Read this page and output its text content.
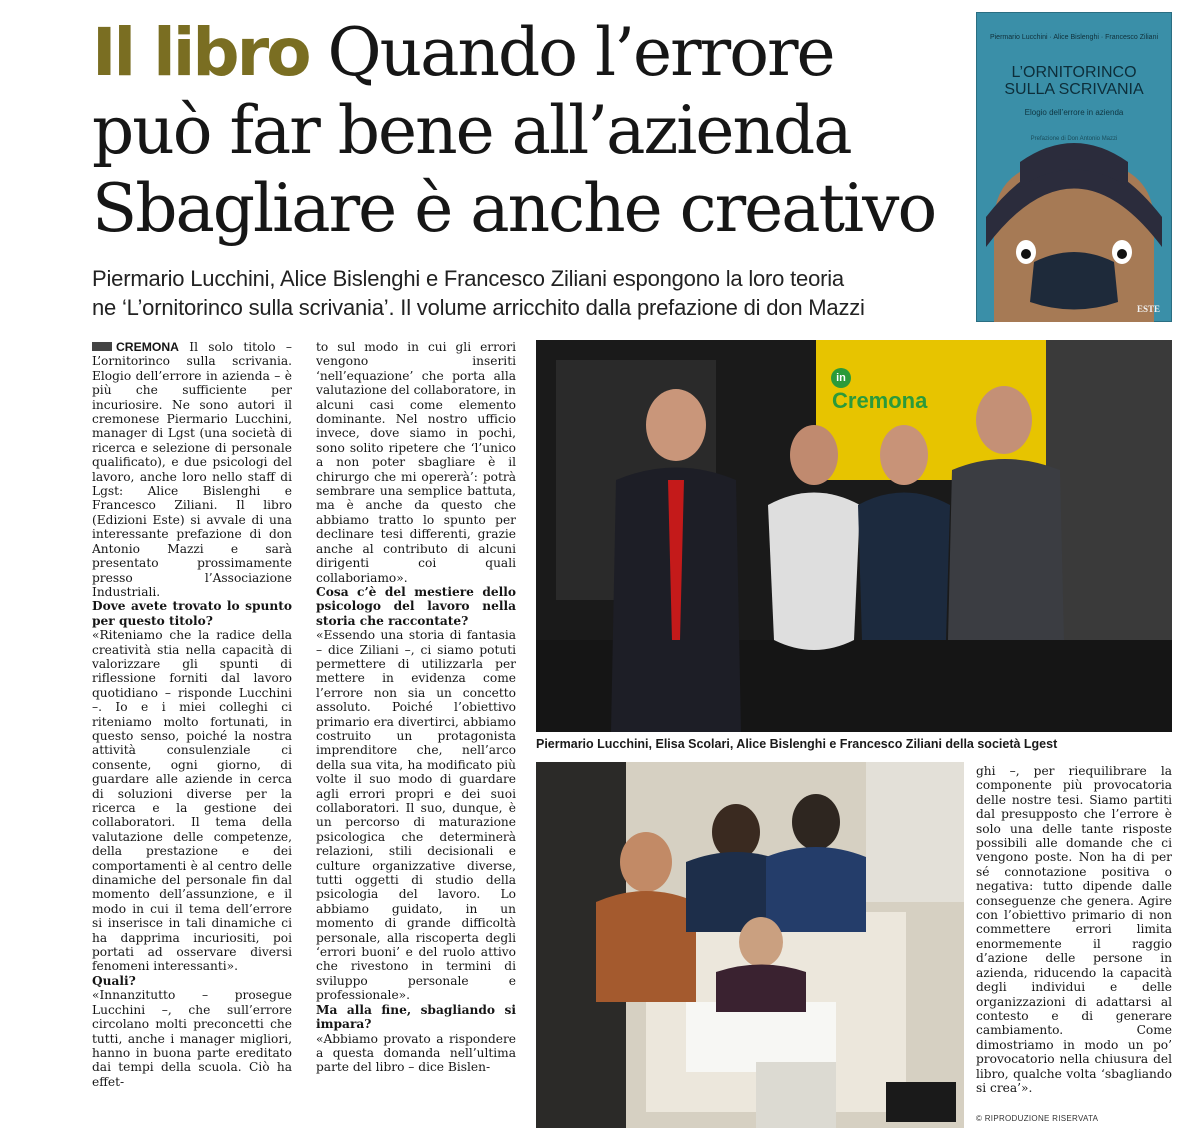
Il libro Quando l’errore
può far bene all’azienda
Sbagliare è anche creativo
Piermario Lucchini, Alice Bislenghi e Francesco Ziliani espongono la loro teoria
ne ‘L’ornitorinco sulla scrivania’. Il volume arricchito dalla prefazione di don Mazzi
Piermario Lucchini · Alice Bislenghi · Francesco Ziliani
L’ORNITORINCO
SULLA SCRIVANIA
Elogio dell’errore in azienda
Prefazione di Don Antonio Mazzi
ESTE

CREMONA Il solo titolo – L’ornitorinco sulla scrivania. Elogio dell’errore in azienda – è più che sufficiente per incuriosire. Ne sono autori il cremonese Piermario Lucchini, manager di Lgst (una società di ricerca e selezione di personale qualificato), e due psicologi del lavoro, anche loro nello staff di Lgst: Alice Bislenghi e Francesco Ziliani. Il libro (Edizioni Este) si avvale di una interessante prefazione di don Antonio Mazzi e sarà presentato prossimamente presso l’Associazione Industriali.

Dove avete trovato lo spunto per questo titolo?

«Riteniamo che la radice della creatività stia nella capacità di valorizzare gli spunti di riflessione forniti dal lavoro quotidiano – risponde Lucchini –. Io e i miei colleghi ci riteniamo molto fortunati, in questo senso, poiché la nostra attività consulenziale ci consente, ogni giorno, di guardare alle aziende in cerca di soluzioni diverse per la ricerca e la gestione dei collaboratori. Il tema della valutazione delle competenze, della prestazione e dei comportamenti è al centro delle dinamiche del personale fin dal momento dell’assunzione, e il modo in cui il tema dell’errore si inserisce in tali dinamiche ci ha dapprima incuriositi, poi portati ad osservare diversi fenomeni interessanti».

Quali?

«Innanzitutto – prosegue Lucchini –, che sull’errore circolano molti preconcetti che tutti, anche i manager migliori, hanno in buona parte ereditato dai tempi della scuola. Ciò ha effet-

to sul modo in cui gli errori vengono inseriti ‘nell’equazione’ che porta alla valutazione del collaboratore, in alcuni casi come elemento dominante. Nel nostro ufficio invece, dove siamo in pochi, sono solito ripetere che ‘l’unico a non poter sbagliare è il chirurgo che mi opererà’: potrà sembrare una semplice battuta, ma è anche da questo che abbiamo tratto lo spunto per declinare tesi differenti, grazie anche al contributo di alcuni dirigenti coi quali collaboriamo».

Cosa c’è del mestiere dello psicologo del lavoro nella storia che raccontate?

«Essendo una storia di fantasia – dice Ziliani –, ci siamo potuti permettere di utilizzarla per mettere in evidenza come l’errore non sia un concetto assoluto. Poiché l’obiettivo primario era divertirci, abbiamo costruito un protagonista imprenditore che, nell’arco della sua vita, ha modificato più volte il suo modo di guardare agli errori propri e dei suoi collaboratori. Il suo, dunque, è un percorso di maturazione psicologica che determinerà relazioni, stili decisionali e culture organizzative diverse, tutti oggetti di studio della psicologia del lavoro. Lo abbiamo guidato, in un momento di grande difficoltà personale, alla riscoperta degli ‘errori buoni’ e del ruolo attivo che rivestono in termini di sviluppo personale e professionale».

Ma alla fine, sbagliando si impara?

«Abbiamo provato a rispondere a questa domanda nell’ultima parte del libro – dice Bislen-

in
Cremona
Piermario Lucchini, Elisa Scolari, Alice Bislenghi e Francesco Ziliani della società Lgest

ghi –, per riequilibrare la componente più provocatoria delle nostre tesi. Siamo partiti dal presupposto che l’errore è solo una delle tante risposte possibili alle domande che ci vengono poste. Non ha di per sé connotazione positiva o negativa: tutto dipende dalle conseguenze che genera. Agire con l’obiettivo primario di non commettere errori limita enormemente il raggio d’azione delle persone in azienda, riducendo la capacità degli individui e delle organizzazioni di adattarsi al contesto e di generare cambiamento. Come dimostriamo in modo un po’ provocatorio nella chiusura del libro, qualche volta ‘sbagliando si crea’».

© RIPRODUZIONE RISERVATA
